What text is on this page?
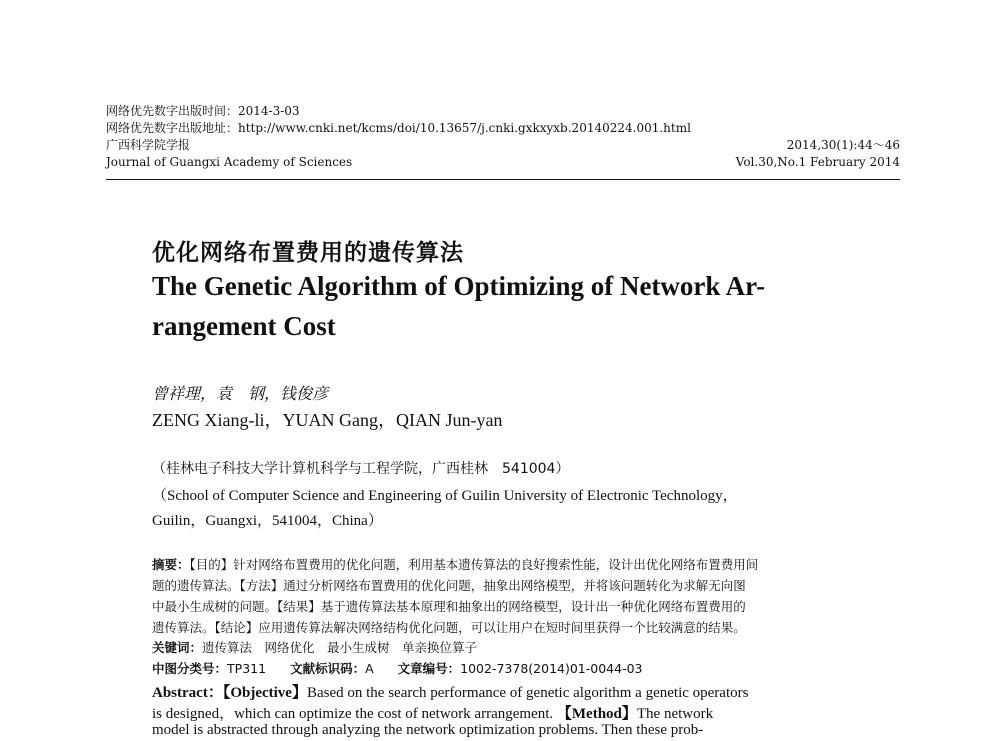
网络优先数字出版时间：2014-3-03
网络优先数字出版地址：http://www.cnki.net/kcms/doi/10.13657/j.cnki.gxkxyxb.20140224.001.html
广西科学院学报	2014,30(1):44～46
Journal of Guangxi Academy of Sciences	Vol.30,No.1 February 2014
优化网络布置费用的遗传算法
The Genetic Algorithm of Optimizing of Network Ar-
rangement Cost
曾祥理，袁　钢，钱俊彦
ZENG Xiang-li，YUAN Gang，QIAN Jun-yan
（桂林电子科技大学计算机科学与工程学院，广西桂林　541004）
（School of Computer Science and Engineering of Guilin University of Electronic Technology，
Guilin，Guangxi，541004，China）
摘要：【目的】针对网络布置费用的优化问题，利用基本遗传算法的良好搜索性能，设计出优化网络布置费用间
题的遗传算法。【方法】通过分析网络布置费用的优化问题，抽象出网络模型，并将该问题转化为求解无向图
中最小生成树的问题。【结果】基于遗传算法基本原理和抽象出的网络模型，设计出一种优化网络布置费用的
遗传算法。【结论】应用遗传算法解决网络结构优化问题，可以让用户在短时间里获得一个比较满意的结果。
关键词：遗传算法　网络优化　最小生成树　单亲换位算子
中图分类号：TP311 文献标识码：A 文章编号：1002-7378(2014)01-0044-03
Abstract：【Objective】Based on the search performance of genetic algorithm a genetic operators
is designed，which can optimize the cost of network arrangement. 【Method】The network
model is abstracted through analyzing the network optimization problems. Then these prob-
